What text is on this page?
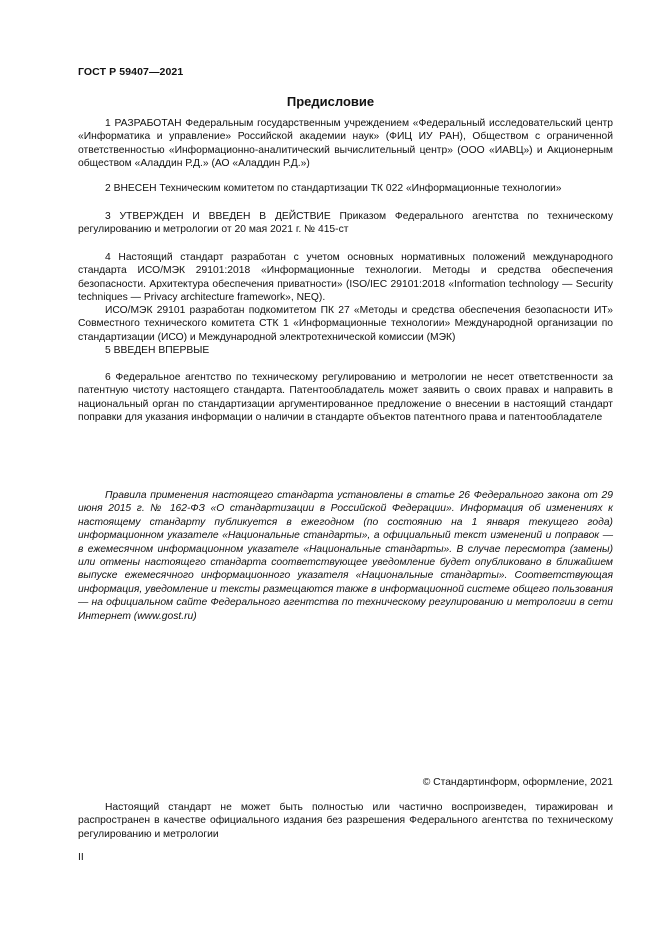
ГОСТ Р 59407—2021
Предисловие

1 РАЗРАБОТАН Федеральным государственным учреждением «Федеральный исследовательский центр «Информатика и управление» Российской академии наук» (ФИЦ ИУ РАН), Обществом с ограниченной ответственностью «Информационно-аналитический вычислительный центр» (ООО «ИАВЦ») и Акционерным обществом «Аладдин Р.Д.» (АО «Аладдин Р.Д.»)

2 ВНЕСЕН Техническим комитетом по стандартизации ТК 022 «Информационные технологии»

3 УТВЕРЖДЕН И ВВЕДЕН В ДЕЙСТВИЕ Приказом Федерального агентства по техническому регулированию и метрологии от 20 мая 2021 г. № 415-ст

4 Настоящий стандарт разработан с учетом основных нормативных положений международного стандарта ИСО/МЭК 29101:2018 «Информационные технологии. Методы и средства обеспечения безопасности. Архитектура обеспечения приватности» (ISO/IEC 29101:2018 «Information technology — Security techniques — Privacy architecture framework», NEQ).

ИСО/МЭК 29101 разработан подкомитетом ПК 27 «Методы и средства обеспечения безопасности ИТ» Совместного технического комитета СТК 1 «Информационные технологии» Международной организации по стандартизации (ИСО) и Международной электротехнической комиссии (МЭК)

5 ВВЕДЕН ВПЕРВЫЕ

6 Федеральное агентство по техническому регулированию и метрологии не несет ответственности за патентную чистоту настоящего стандарта. Патентообладатель может заявить о своих правах и направить в национальный орган по стандартизации аргументированное предложение о внесении в настоящий стандарт поправки для указания информации о наличии в стандарте объектов патентного права и патентообладателе

Правила применения настоящего стандарта установлены в статье 26 Федерального закона от 29 июня 2015 г. № 162-ФЗ «О стандартизации в Российской Федерации». Информация об изменениях к настоящему стандарту публикуется в ежегодном (по состоянию на 1 января текущего года) информационном указателе «Национальные стандарты», а официальный текст изменений и поправок — в ежемесячном информационном указателе «Национальные стандарты». В случае пересмотра (замены) или отмены настоящего стандарта соответствующее уведомление будет опубликовано в ближайшем выпуске ежемесячного информационного указателя «Национальные стандарты». Соответствующая информация, уведомление и тексты размещаются также в информационной системе общего пользования — на официальном сайте Федерального агентства по техническому регулированию и метрологии в сети Интернет (www.gost.ru)

© Стандартинформ, оформление, 2021

Настоящий стандарт не может быть полностью или частично воспроизведен, тиражирован и распространен в качестве официального издания без разрешения Федерального агентства по техническому регулированию и метрологии

II
